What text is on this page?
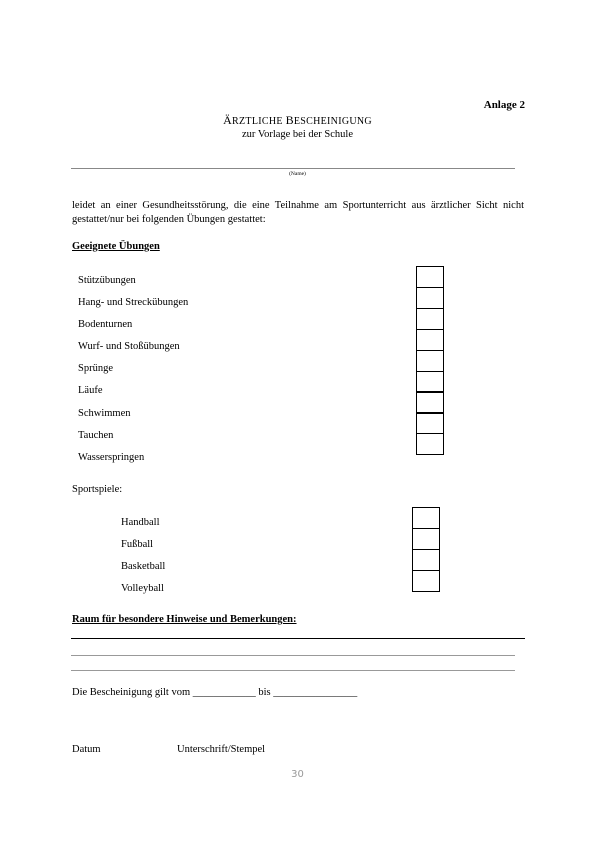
Anlage 2
ÄRZTLICHE BESCHEINIGUNG
zur Vorlage bei der Schule
(Name)
leidet an einer Gesundheitsstörung, die eine Teilnahme am Sportunterricht aus ärztlicher Sicht nicht gestattet/nur bei folgenden Übungen gestattet:
Geeignete Übungen
Stützübungen
Hang- und Streckübungen
Bodenturnen
Wurf- und Stoßübungen
Sprünge
Läufe
Schwimmen
Tauchen
Wasserspringen
Sportspiele:
Handball
Fußball
Basketball
Volleyball
Raum für besondere Hinweise und Bemerkungen:
Die Bescheinigung gilt vom ____________ bis ________________
Datum	Unterschrift/Stempel
30
